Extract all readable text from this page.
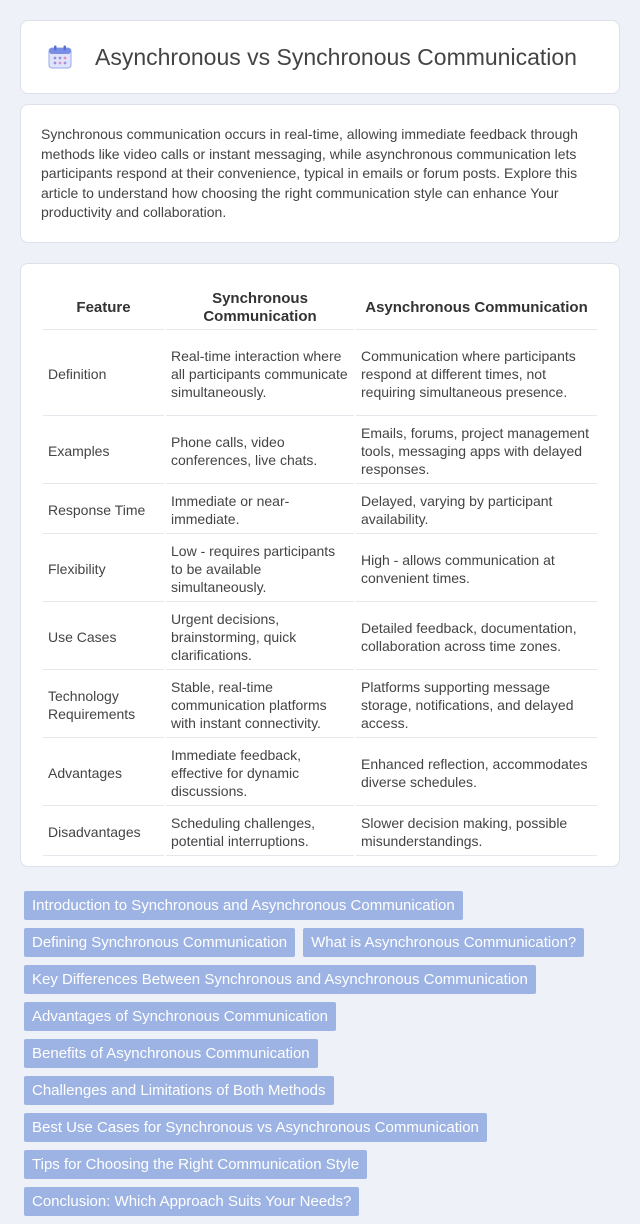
Asynchronous vs Synchronous Communication

Synchronous communication occurs in real-time, allowing immediate feedback through methods like video calls or instant messaging, while asynchronous communication lets participants respond at their convenience, typical in emails or forum posts. Explore this article to understand how choosing the right communication style can enhance Your productivity and collaboration.

Feature	Synchronous Communication	Asynchronous Communication
Definition	Real-time interaction where all participants communicate simultaneously.	Communication where participants respond at different times, not requiring simultaneous presence.
Examples	Phone calls, video conferences, live chats.	Emails, forums, project management tools, messaging apps with delayed responses.
Response Time	Immediate or near-immediate.	Delayed, varying by participant availability.
Flexibility	Low - requires participants to be available simultaneously.	High - allows communication at convenient times.
Use Cases	Urgent decisions, brainstorming, quick clarifications.	Detailed feedback, documentation, collaboration across time zones.
Technology Requirements	Stable, real-time communication platforms with instant connectivity.	Platforms supporting message storage, notifications, and delayed access.
Advantages	Immediate feedback, effective for dynamic discussions.	Enhanced reflection, accommodates diverse schedules.
Disadvantages	Scheduling challenges, potential interruptions.	Slower decision making, possible misunderstandings.
Introduction to Synchronous and Asynchronous Communication
Defining Synchronous Communication	What is Asynchronous Communication?
Key Differences Between Synchronous and Asynchronous Communication
Advantages of Synchronous Communication
Benefits of Asynchronous Communication
Challenges and Limitations of Both Methods
Best Use Cases for Synchronous vs Asynchronous Communication
Tips for Choosing the Right Communication Style
Conclusion: Which Approach Suits Your Needs?
